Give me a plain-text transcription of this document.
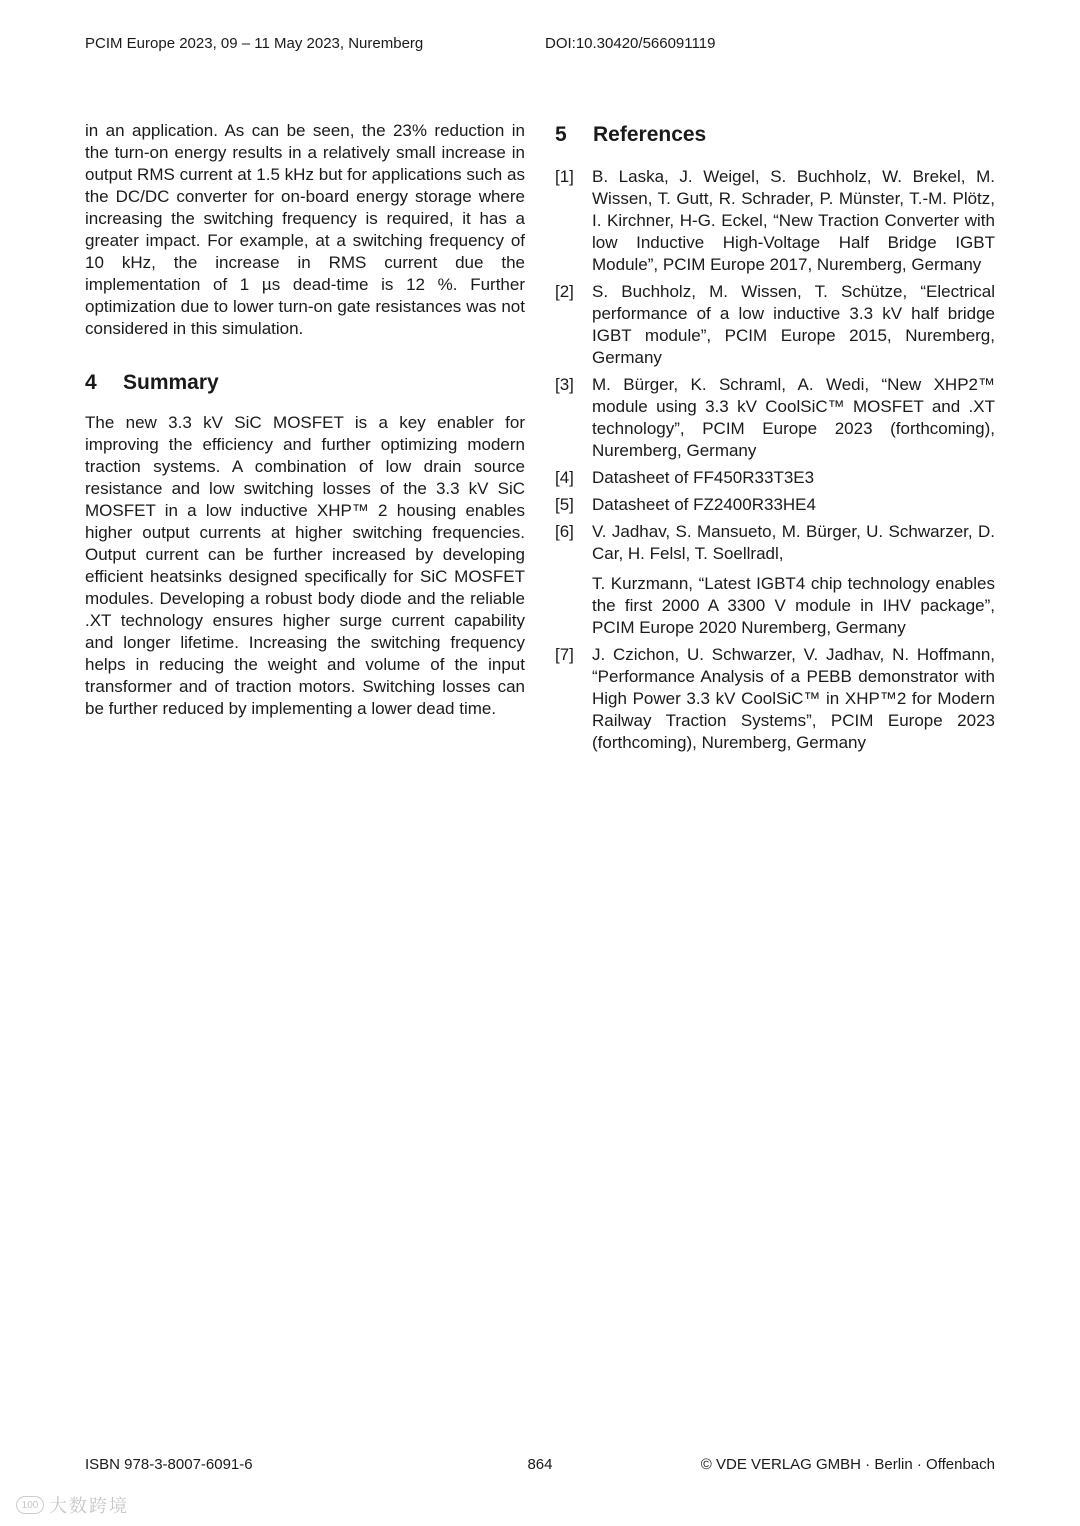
PCIM Europe 2023, 09 – 11 May 2023, Nuremberg	DOI:10.30420/566091119

in an application. As can be seen, the 23% reduction in the turn-on energy results in a relatively small increase in output RMS current at 1.5 kHz but for applications such as the DC/DC converter for on-board energy storage where increasing the switching frequency is required, it has a greater impact. For example, at a switching frequency of 10 kHz, the increase in RMS current due the implementation of 1 µs dead-time is 12 %. Further optimization due to lower turn-on gate resistances was not considered in this simulation.

4	Summary

The new 3.3 kV SiC MOSFET is a key enabler for improving the efficiency and further optimizing modern traction systems. A combination of low drain source resistance and low switching losses of the 3.3 kV SiC MOSFET in a low inductive XHP™ 2 housing enables higher output currents at higher switching frequencies. Output current can be further increased by developing efficient heatsinks designed specifically for SiC MOSFET modules. Developing a robust body diode and the reliable .XT technology ensures higher surge current capability and longer lifetime. Increasing the switching frequency helps in reducing the weight and volume of the input transformer and of traction motors. Switching losses can be further reduced by implementing a lower dead time.

5	References
[1]	B. Laska, J. Weigel, S. Buchholz, W. Brekel, M. Wissen, T. Gutt, R. Schrader, P. Münster, T.-M. Plötz, I. Kirchner, H-G. Eckel, “New Traction Converter with low Inductive High-Voltage Half Bridge IGBT Module”, PCIM Europe 2017, Nuremberg, Germany
[2]	S. Buchholz, M. Wissen, T. Schütze, “Electrical performance of a low inductive 3.3 kV half bridge IGBT module”, PCIM Europe 2015, Nuremberg, Germany
[3]	M. Bürger, K. Schraml, A. Wedi, “New XHP2™ module using 3.3 kV CoolSiC™ MOSFET and .XT technology”, PCIM Europe 2023 (forthcoming), Nuremberg, Germany
[4]	Datasheet of FF450R33T3E3
[5]	Datasheet of FZ2400R33HE4
[6]	V. Jadhav, S. Mansueto, M. Bürger, U. Schwarzer, D. Car, H. Felsl, T. Soellradl,
T. Kurzmann, “Latest IGBT4 chip technology enables the first 2000 A 3300 V module in IHV package”, PCIM Europe 2020 Nuremberg, Germany
[7]	J. Czichon, U. Schwarzer, V. Jadhav, N. Hoffmann, “Performance Analysis of a PEBB demonstrator with High Power 3.3 kV CoolSiC™ in XHP™2 for Modern Railway Traction Systems”, PCIM Europe 2023 (forthcoming), Nuremberg, Germany
ISBN 978-3-8007-6091-6	864	© VDE VERLAG GMBH · Berlin · Offenbach
100 大数跨境
